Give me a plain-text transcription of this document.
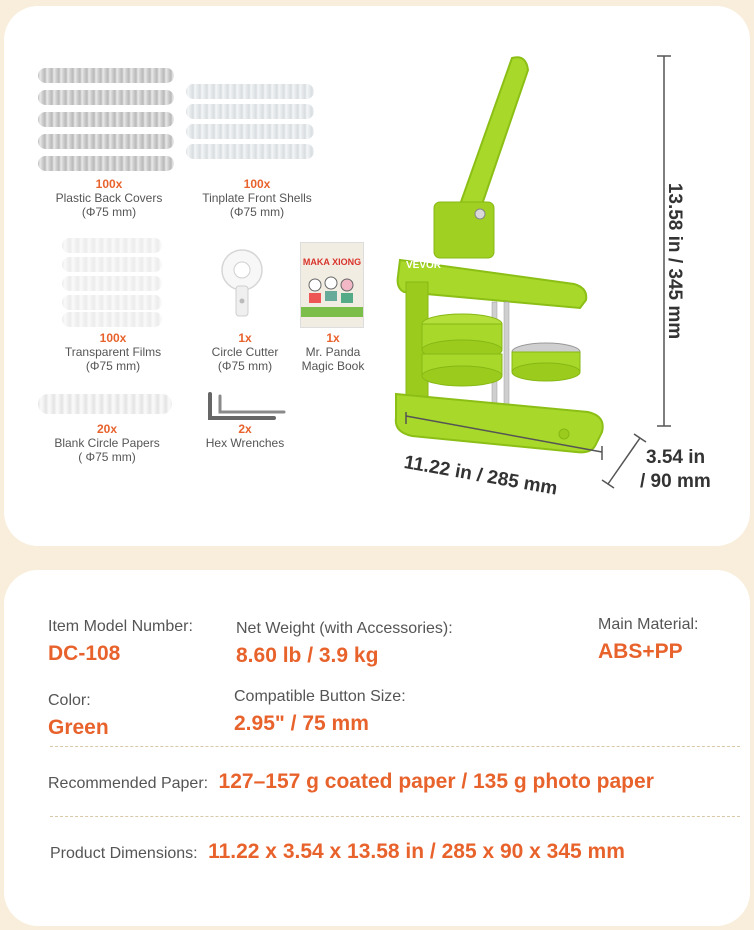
100x
Plastic Back Covers
(Φ75 mm)
100x
Tinplate Front Shells
(Φ75 mm)
100x
Transparent Films
(Φ75 mm)
1x
Circle Cutter
(Φ75 mm)
MAKA XIONG
1x
Mr. Panda
Magic Book
20x
Blank Circle Papers
( Φ75 mm)
2x
Hex Wrenches
VEVOR	13.58 in / 345 mm
11.22 in / 285 mm	3.54 in
/ 90 mm
Item Model Number:
DC-108
Net Weight (with Accessories):
8.60 lb / 3.9 kg
Main Material:
ABS+PP
Color:
Green
Compatible Button Size:
2.95" / 75 mm
Recommended Paper: 127–157 g coated paper / 135 g photo paper
Product Dimensions: 11.22 x 3.54 x 13.58 in / 285 x 90 x 345 mm
